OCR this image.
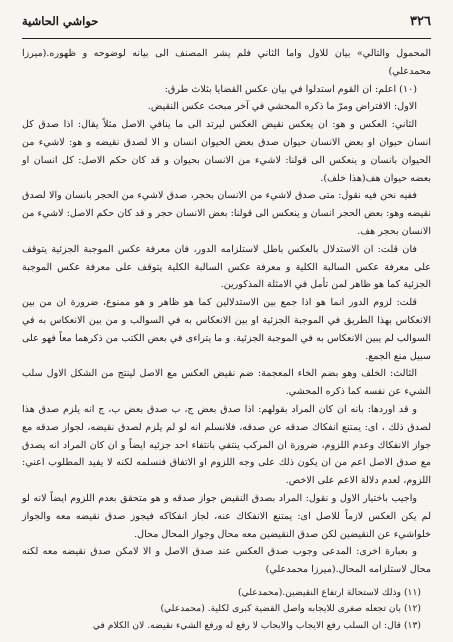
٣٢٦
حواشي الحاشية

المحمول والتالي» بيان للاول واما الثاني فلم يشر المصنف الى بيانه لوضوحه و ظهوره.(ميرزا محمدعلي)

(١٠) اعلم: ان القوم استدلوا في بيان عكس القضايا بثلاث طرق:

الاول: الافتراض ومرّ ما ذكره المحشي في آخر مبحث عكس النقيض.

الثاني: العكس و هو: ان يعكس نقيض العكس ليرتد الى ما ينافي الاصل مثلاً يقال: اذا صدق كل انسان حيوان او بعض الانسان حيوان صدق بعض الحيوان انسان و الا لصدق نقيضه و هو: لاشيء من الحيوان بانسان و ينعكس الى قولنا: لاشيء من الانسان بحيوان و قد كان حكم الاصل: كل انسان او بعضه حيوان هف(هذا خلف).

ففيه نحن فيه نقول: متى صدق لاشيء من الانسان بحجر، صدق لاشيء من الحجر بانسان والا لصدق نقيضه وهو: بعض الحجر انسان و ينعكس الى قولنا: بعض الانسان حجر و قد كان حكم الاصل: لاشيء من الانسان بحجر هف.

فان قلت: ان الاستدلال بالعكس باطل لاستلزامه الدور، فان معرفة عكس الموجبة الجزئية يتوقف على معرفة عكس السالبة الكلية و معرفة عكس السالبة الكلية يتوقف على معرفة عكس الموجبة الجزئية كما هو ظاهر لمن تأمل في الامثلة المذكورين.

قلت: لزوم الدور انما هو اذا جمع بين الاستدلالين كما هو ظاهر و هو ممنوع، ضرورة ان من بين الانعكاس بهذا الطريق في الموجبة الجزئية او بين الانعكاس به في السوالب و من بين الانعكاس به في السوالب لم يبين الانعكاس به في الموجبة الجزئية. و ما يتراءى في بعض الكتب من ذكرهما معاً فهو على سبيل منع الجمع.

الثالث: الخلف وهو بضم الخاء المعجمة: ضم نقيض العكس مع الاصل لينتج من الشكل الاول سلب الشيء عن نفسه كما ذكره المحشي.

و قد اوردها: بانه ان كان المراد بقولهم: اذا صدق بعض ج، ب صدق بعض ب، ج انه يلزم صدق هذا لصدق ذلك ، اى: يمتنع انفكاك صدقه عن صدقه، فلانسلم انه لو لم يلزم لصدق نقيضه، لجواز صدقه مع جواز الانفكاك وعدم اللزوم، ضرورة ان المركب ينتفي بانتفاء احد جزئيه ايضاً و ان كان المراد انه يصدق مع صدق الاصل اعم من ان يكون ذلك على وجه اللزوم او الاتفاق فنسلمه لكنه لا يفيد المطلوب اعني: اللزوم، لعدم دلالة الاعم على الاخص.

واجيب باختيار الاول و نقول: المراد بصدق النقيض جواز صدقه و هو متحقق بعدم اللزوم ايضاً لانه لو لم يكن العكس لازماً للاصل اى: يمتنع الانفكاك عنه، لجاز انفكاكه فيجوز صدق نقيضه معه والجواز خلواشيء عن النقيضين لكن صدق النقيضين معه محال وجواز المحال محال.

و بعبارة اخرى: المدعى وجوب صدق العكس عند صدق الاصل و الا لامكن صدق نقيضه معه لكنه محال لاستلزامه المحال.(ميرزا محمدعلي)

(١١) وذلك لاستحالة ارتفاع النقيضين.(محمدعلي)

(١٢) بان تجعله صغرى للايجابه واصل القضية كبرى لكلية. (محمدعلي)

(١٣) قال: ان السلب رفع الايجاب والايجاب لا رفع له ورفع الشيء نقيضه. لان الكلام في
